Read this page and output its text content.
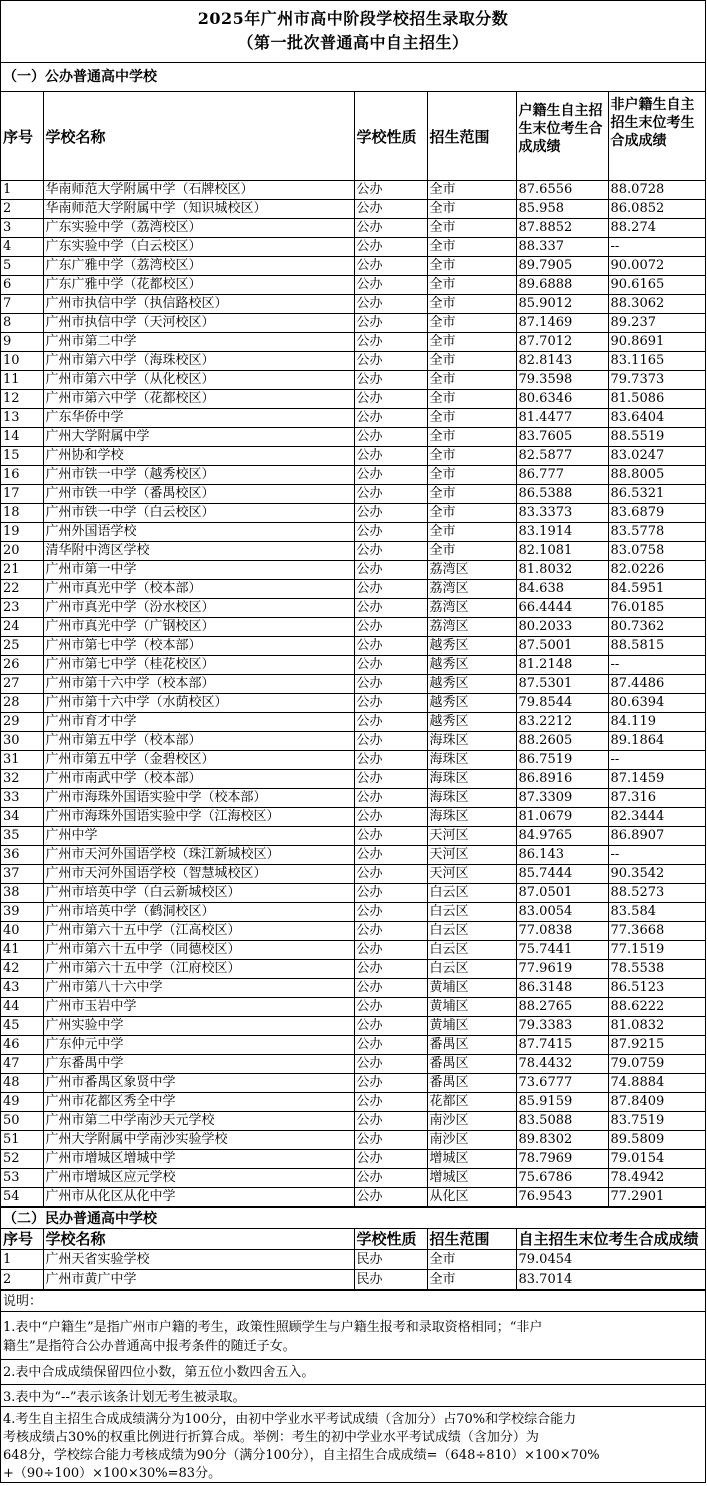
2025年广州市高中阶段学校招生录取分数
（第一批次普通高中自主招生）
（一）公办普通高中学校
序号	学校名称	学校性质	招生范围	户籍生自主招生末位考生合成成绩	非户籍生自主招生末位考生合成成绩
1	华南师范大学附属中学（石牌校区）	公办	全市	87.6556	88.0728
2	华南师范大学附属中学（知识城校区）	公办	全市	85.958	86.0852
3	广东实验中学（荔湾校区）	公办	全市	87.8852	88.274
4	广东实验中学（白云校区）	公办	全市	88.337	--
5	广东广雅中学（荔湾校区）	公办	全市	89.7905	90.0072
6	广东广雅中学（花都校区）	公办	全市	89.6888	90.6165
7	广州市执信中学（执信路校区）	公办	全市	85.9012	88.3062
8	广州市执信中学（天河校区）	公办	全市	87.1469	89.237
9	广州市第二中学	公办	全市	87.7012	90.8691
10	广州市第六中学（海珠校区）	公办	全市	82.8143	83.1165
11	广州市第六中学（从化校区）	公办	全市	79.3598	79.7373
12	广州市第六中学（花都校区）	公办	全市	80.6346	81.5086
13	广东华侨中学	公办	全市	81.4477	83.6404
14	广州大学附属中学	公办	全市	83.7605	88.5519
15	广州协和学校	公办	全市	82.5877	83.0247
16	广州市铁一中学（越秀校区）	公办	全市	86.777	88.8005
17	广州市铁一中学（番禺校区）	公办	全市	86.5388	86.5321
18	广州市铁一中学（白云校区）	公办	全市	83.3373	83.6879
19	广州外国语学校	公办	全市	83.1914	83.5778
20	清华附中湾区学校	公办	全市	82.1081	83.0758
21	广州市第一中学	公办	荔湾区	81.8032	82.0226
22	广州市真光中学（校本部）	公办	荔湾区	84.638	84.5951
23	广州市真光中学（汾水校区）	公办	荔湾区	66.4444	76.0185
24	广州市真光中学（广钢校区）	公办	荔湾区	80.2033	80.7362
25	广州市第七中学（校本部）	公办	越秀区	87.5001	88.5815
26	广州市第七中学（桂花校区）	公办	越秀区	81.2148	--
27	广州市第十六中学（校本部）	公办	越秀区	87.5301	87.4486
28	广州市第十六中学（水荫校区）	公办	越秀区	79.8544	80.6394
29	广州市育才中学	公办	越秀区	83.2212	84.119
30	广州市第五中学（校本部）	公办	海珠区	88.2605	89.1864
31	广州市第五中学（金碧校区）	公办	海珠区	86.7519	--
32	广州市南武中学（校本部）	公办	海珠区	86.8916	87.1459
33	广州市海珠外国语实验中学（校本部）	公办	海珠区	87.3309	87.316
34	广州市海珠外国语实验中学（江海校区）	公办	海珠区	81.0679	82.3444
35	广州中学	公办	天河区	84.9765	86.8907
36	广州市天河外国语学校（珠江新城校区）	公办	天河区	86.143	--
37	广州市天河外国语学校（智慧城校区）	公办	天河区	85.7444	90.3542
38	广州市培英中学（白云新城校区）	公办	白云区	87.0501	88.5273
39	广州市培英中学（鹤洞校区）	公办	白云区	83.0054	83.584
40	广州市第六十五中学（江高校区）	公办	白云区	77.0838	77.3668
41	广州市第六十五中学（同德校区）	公办	白云区	75.7441	77.1519
42	广州市第六十五中学（江府校区）	公办	白云区	77.9619	78.5538
43	广州市第八十六中学	公办	黄埔区	86.3148	86.5123
44	广州市玉岩中学	公办	黄埔区	88.2765	88.6222
45	广州实验中学	公办	黄埔区	79.3383	81.0832
46	广东仲元中学	公办	番禺区	87.7415	87.9215
47	广东番禺中学	公办	番禺区	78.4432	79.0759
48	广州市番禺区象贤中学	公办	番禺区	73.6777	74.8884
49	广州市花都区秀全中学	公办	花都区	85.9159	87.8409
50	广州市第二中学南沙天元学校	公办	南沙区	83.5088	83.7519
51	广州大学附属中学南沙实验学校	公办	南沙区	89.8302	89.5809
52	广州市增城区增城中学	公办	增城区	78.7969	79.0154
53	广州市增城区应元学校	公办	增城区	75.6786	78.4942
54	广州市从化区从化中学	公办	从化区	76.9543	77.2901
（二）民办普通高中学校
序号	学校名称	学校性质	招生范围	自主招生末位考生合成成绩
1	广州天省实验学校	民办	全市	79.0454
2	广州市黄广中学	民办	全市	83.7014
说明：
1.表中“户籍生”是指广州市户籍的考生，政策性照顾学生与户籍生报考和录取资格相同；“非户
籍生”是指符合公办普通高中报考条件的随迁子女。
2.表中合成成绩保留四位小数，第五位小数四舍五入。
3.表中为“--”表示该条计划无考生被录取。
4.考生自主招生合成成绩满分为100分，由初中学业水平考试成绩（含加分）占70%和学校综合能力
考核成绩占30%的权重比例进行折算合成。举例：考生的初中学业水平考试成绩（含加分）为
648分，学校综合能力考核成绩为90分（满分100分），自主招生合成成绩=（648÷810）×100×70%
+（90÷100）×100×30%=83分。
